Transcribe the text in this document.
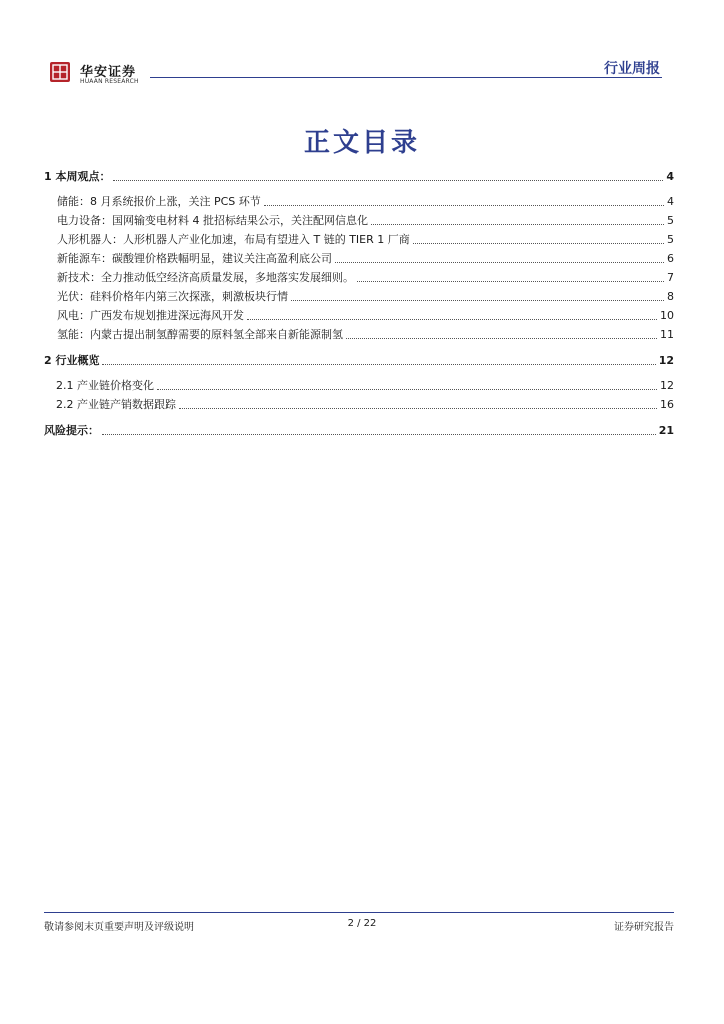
华安证券
HUAAN RESEARCH
行业周报
正文目录
1 本周观点：	4
储能：8 月系统报价上涨，关注 PCS 环节	4
电力设备：国网输变电材料 4 批招标结果公示，关注配网信息化	5
人形机器人：人形机器人产业化加速，布局有望进入 T 链的 TIER 1 厂商	5
新能源车：碳酸锂价格跌幅明显，建议关注高盈利底公司	6
新技术：全力推动低空经济高质量发展，多地落实发展细则。	7
光伏：硅料价格年内第三次探涨，刺激板块行情	8
风电：广西发布规划推进深远海风开发	10
氢能：内蒙古提出制氢醇需要的原料氢全部来自新能源制氢	11
2 行业概览	12
2.1 产业链价格变化	12
2.2 产业链产销数据跟踪	16
风险提示：	21
敬请参阅末页重要声明及评级说明	2 / 22	证券研究报告
